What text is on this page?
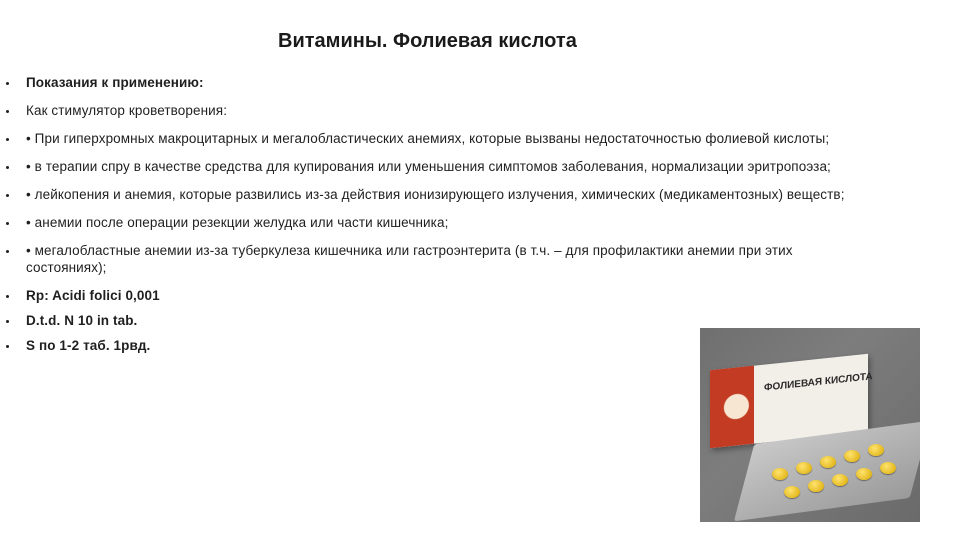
Витамины. Фолиевая кислота
Показания к применению:
Как стимулятор кроветворения:
• При гиперхромных макроцитарных и мегалобластических анемиях, которые вызваны недостаточностью фолиевой кислоты;
• в терапии спру в качестве средства для купирования или уменьшения симптомов заболевания, нормализации эритропоэза;
• лейкопения и анемия, которые развились из-за действия ионизирующего излучения, химических (медикаментозных) веществ;
• анемии после операции резекции желудка или части кишечника;
• мегалобластные анемии из-за туберкулеза кишечника или гастроэнтерита (в т.ч. – для профилактики анемии при этих состояниях);
Rp: Acidi folici 0,001
D.t.d. N 10 in tab.
S по 1-2 таб. 1рвд.
ФОЛИЕВАЯ КИСЛОТА
